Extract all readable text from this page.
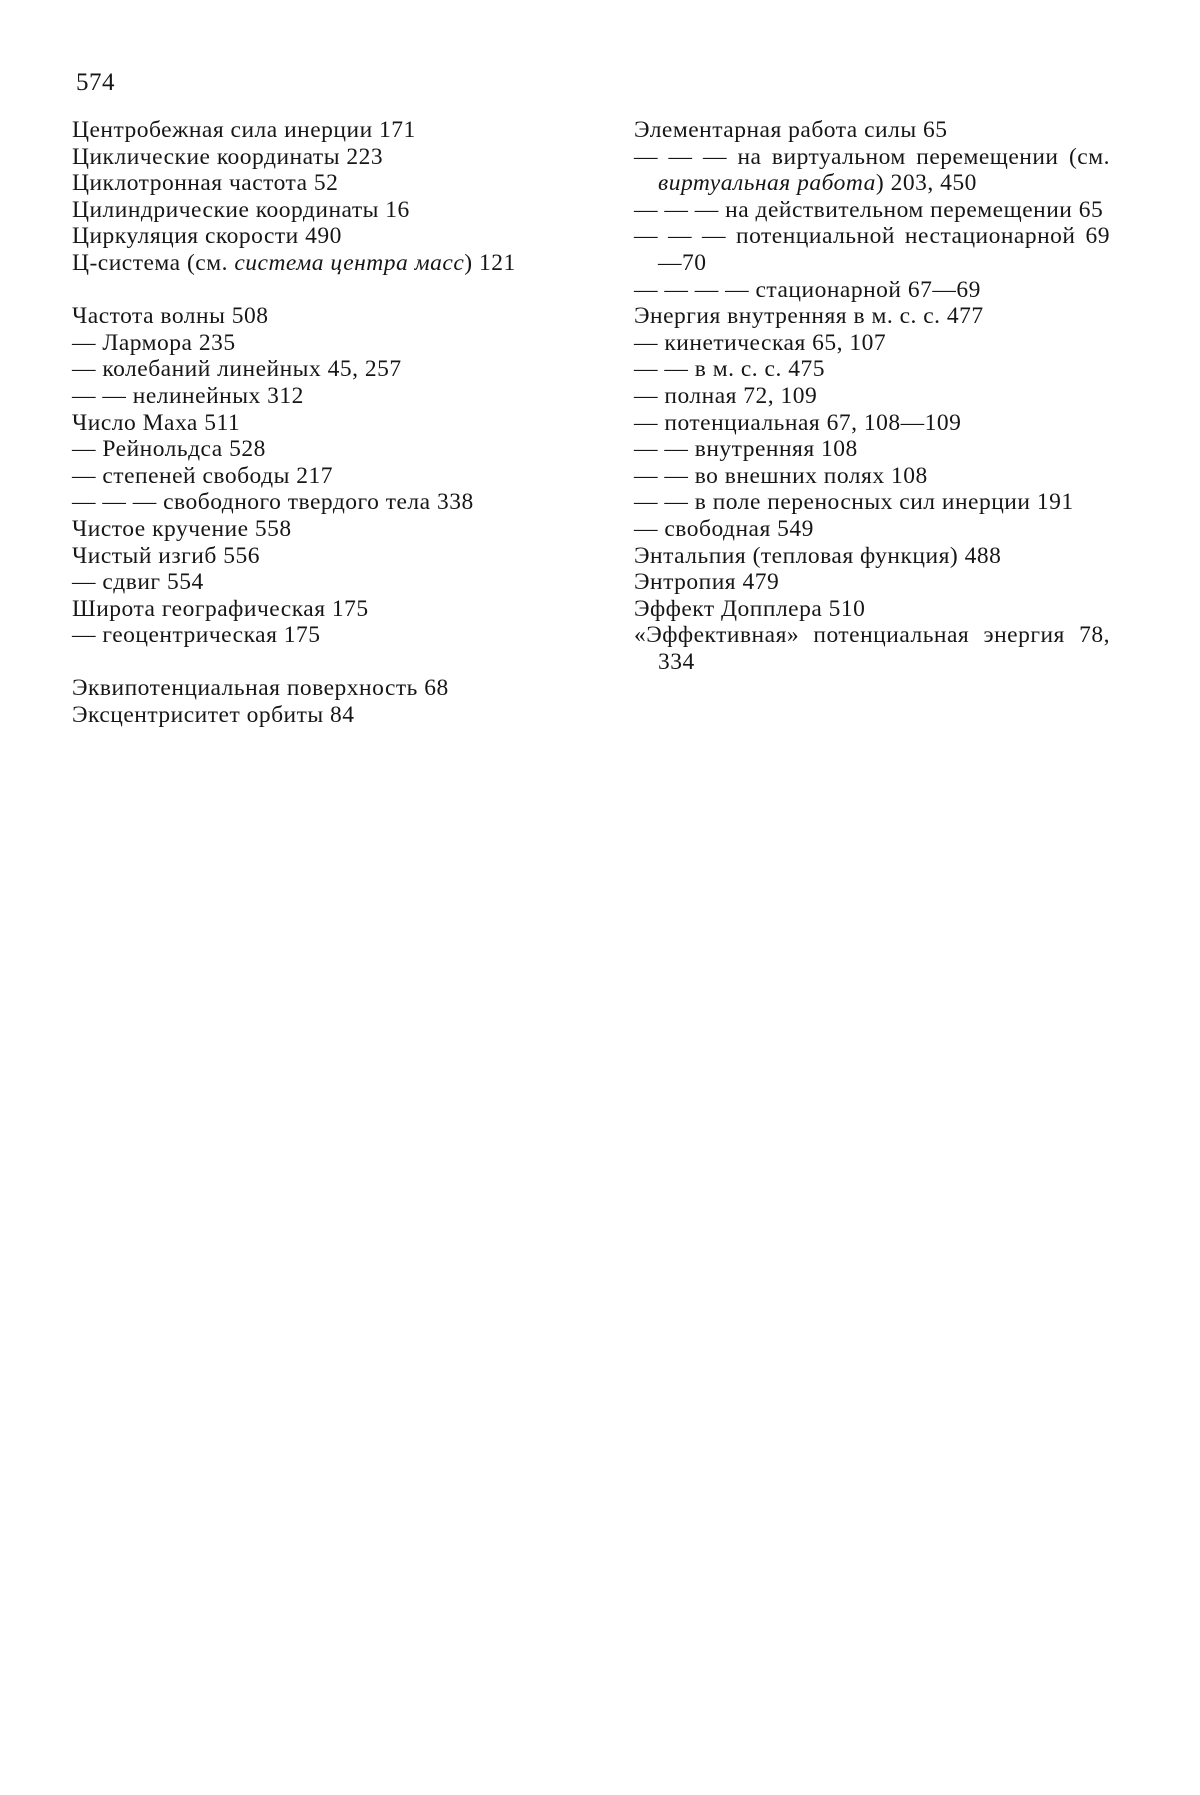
574

Центробежная сила инерции 171

Циклические координаты 223

Циклотронная частота 52

Цилиндрические координаты 16

Циркуляция скорости 490

Ц-система (см. система центра масс) 121

Частота волны 508

— Лармора 235

— колебаний линейных 45, 257

— — нелинейных 312

Число Маха 511

— Рейнольдса 528

— степеней свободы 217

— — — свободного твердого тела 338

Чистое кручение 558

Чистый изгиб 556

— сдвиг 554

Широта географическая 175

— геоцентрическая 175

Эквипотенциальная поверхность 68

Эксцентриситет орбиты 84

Элементарная работа силы 65

— — — на виртуальном перемещении (см. виртуальная работа) 203, 450

— — — на действительном перемещении 65

— — — потенциальной нестационарной 69—70

— — — — стационарной 67—69

Энергия внутренняя в м. с. с. 477

— кинетическая 65, 107

— — в м. с. с. 475

— полная 72, 109

— потенциальная 67, 108—109

— — внутренняя 108

— — во внешних полях 108

— — в поле переносных сил инерции 191

— свободная 549

Энтальпия (тепловая функция) 488

Энтропия 479

Эффект Допплера 510

«Эффективная» потенциальная энергия 78, 334
